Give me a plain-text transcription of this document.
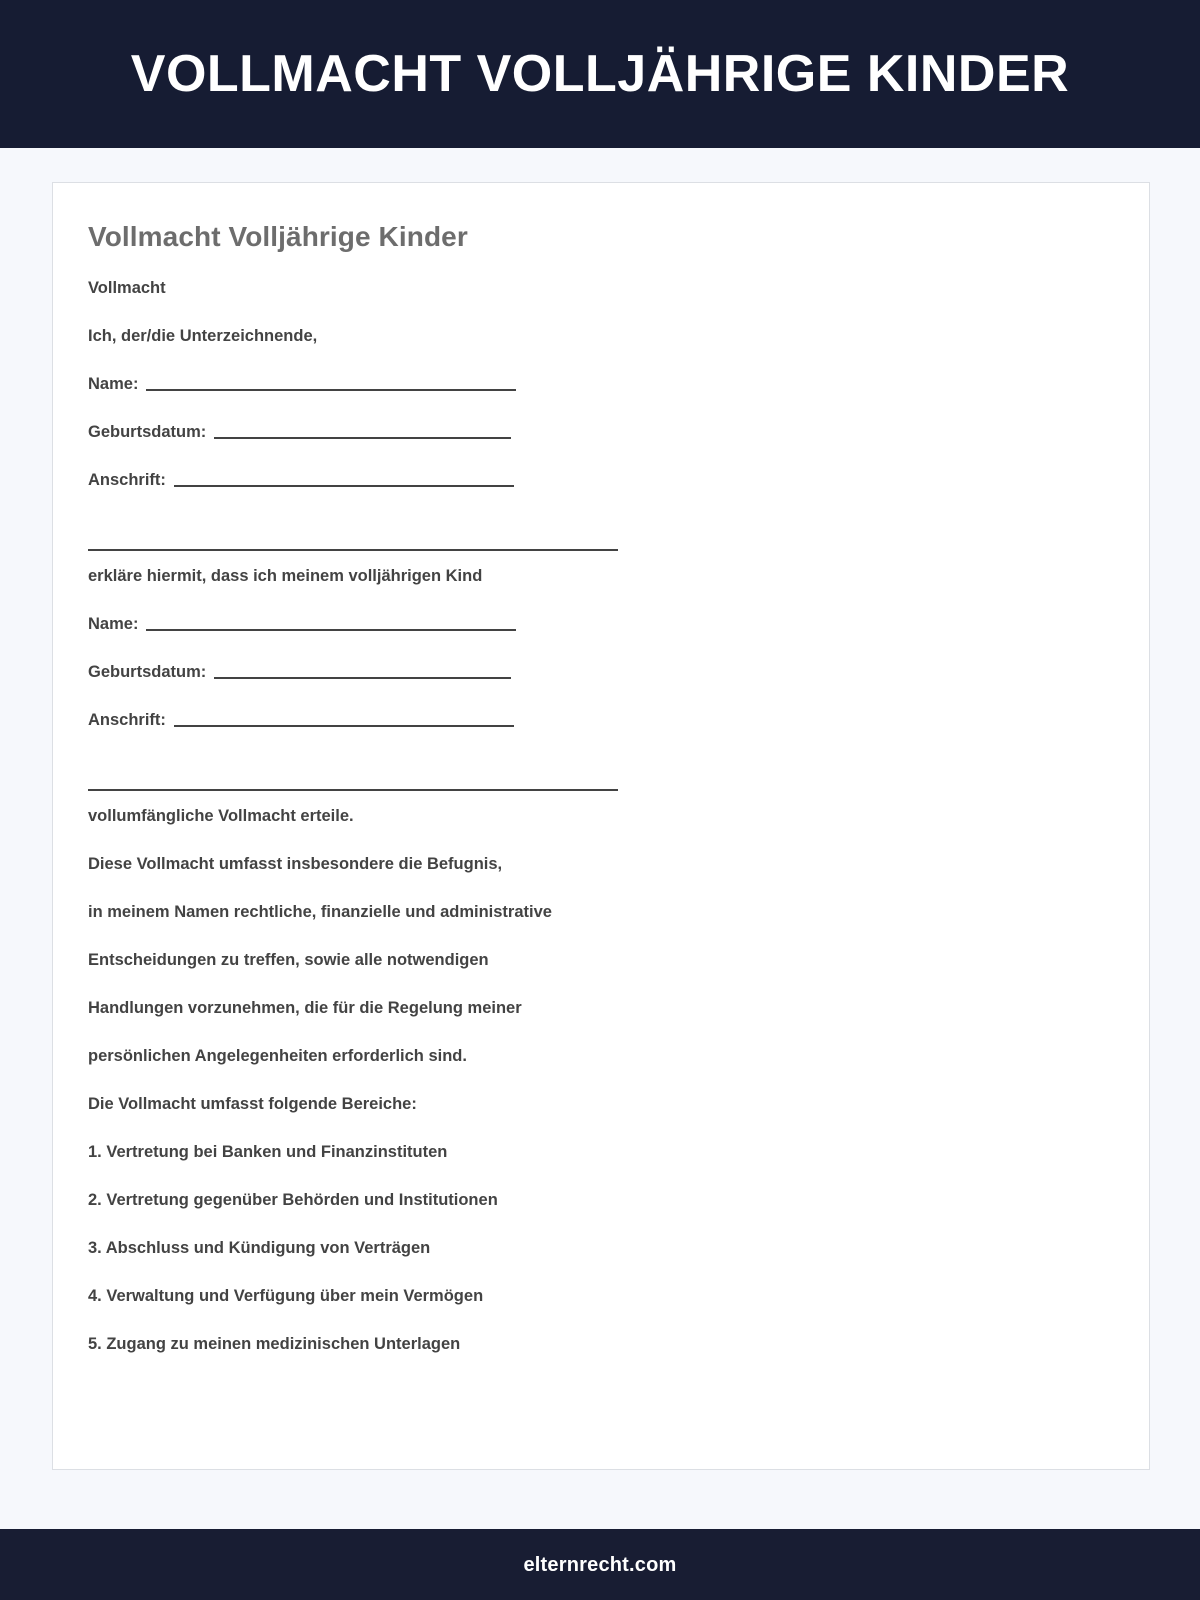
VOLLMACHT VOLLJÄHRIGE KINDER
Vollmacht Volljährige Kinder
Vollmacht
Ich, der/die Unterzeichnende,
Name:
Geburtsdatum:
Anschrift:
erkläre hiermit, dass ich meinem volljährigen Kind
Name:
Geburtsdatum:
Anschrift:
vollumfängliche Vollmacht erteile.
Diese Vollmacht umfasst insbesondere die Befugnis,
in meinem Namen rechtliche, finanzielle und administrative
Entscheidungen zu treffen, sowie alle notwendigen
Handlungen vorzunehmen, die für die Regelung meiner
persönlichen Angelegenheiten erforderlich sind.
Die Vollmacht umfasst folgende Bereiche:
1. Vertretung bei Banken und Finanzinstituten
2. Vertretung gegenüber Behörden und Institutionen
3. Abschluss und Kündigung von Verträgen
4. Verwaltung und Verfügung über mein Vermögen
5. Zugang zu meinen medizinischen Unterlagen
elternrecht.com
